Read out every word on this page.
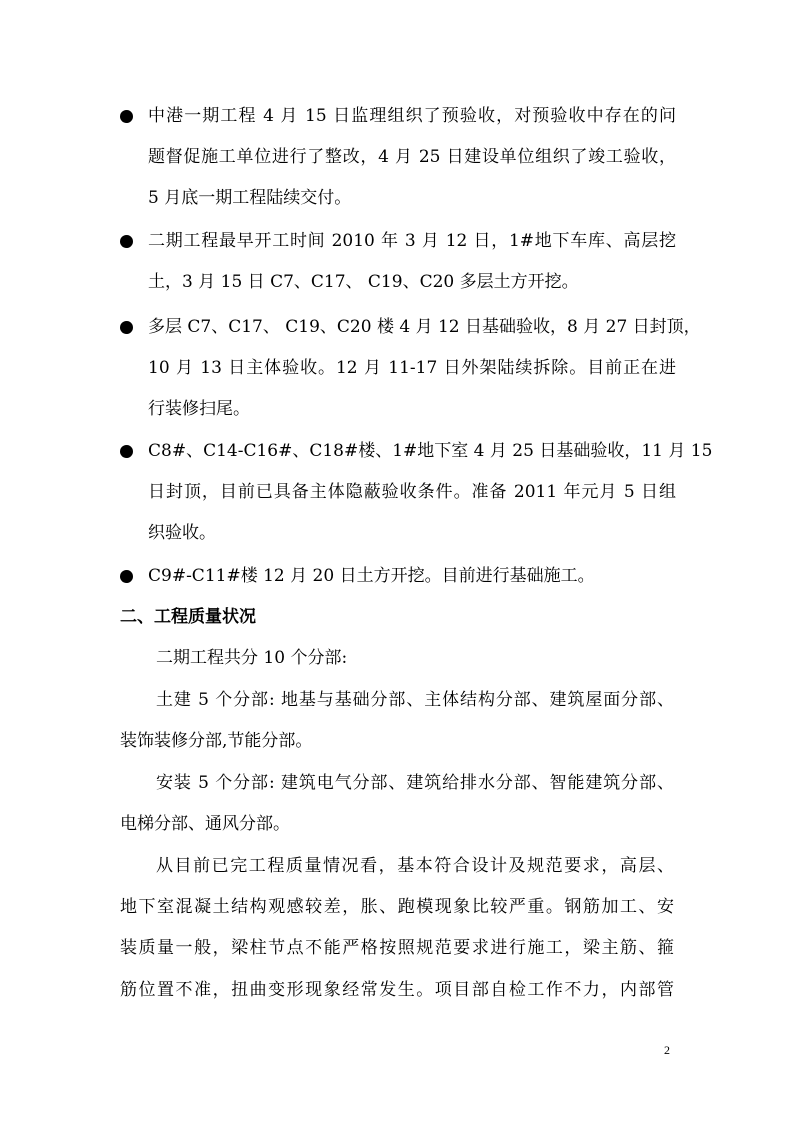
中港一期工程 4 月 15 日监理组织了预验收，对预验收中存在的问
题督促施工单位进行了整改，4 月 25 日建设单位组织了竣工验收，
5 月底一期工程陆续交付。
二期工程最早开工时间 2010 年 3 月 12 日，1#地下车库、高层挖
土，3 月 15 日 C7、C17、 C19、C20 多层土方开挖。
多层 C7、C17、 C19、C20 楼 4 月 12 日基础验收，8 月 27 日封顶，
10 月 13 日主体验收。12 月 11-17 日外架陆续拆除。目前正在进
行装修扫尾。
C8#、C14-C16#、C18#楼、1#地下室 4 月 25 日基础验收，11 月 15
日封顶，目前已具备主体隐蔽验收条件。准备 2011 年元月 5 日组
织验收。
C9#-C11#楼 12 月 20 日土方开挖。目前进行基础施工。
二、工程质量状况
二期工程共分 10 个分部:
土建 5 个分部: 地基与基础分部、主体结构分部、建筑屋面分部、
装饰装修分部,节能分部。
安装 5 个分部: 建筑电气分部、建筑给排水分部、智能建筑分部、
电梯分部、通风分部。
从目前已完工程质量情况看，基本符合设计及规范要求，高层、
地下室混凝土结构观感较差，胀、跑模现象比较严重。钢筋加工、安
装质量一般，梁柱节点不能严格按照规范要求进行施工，梁主筋、箍
筋位置不准，扭曲变形现象经常发生。项目部自检工作不力，内部管
2
